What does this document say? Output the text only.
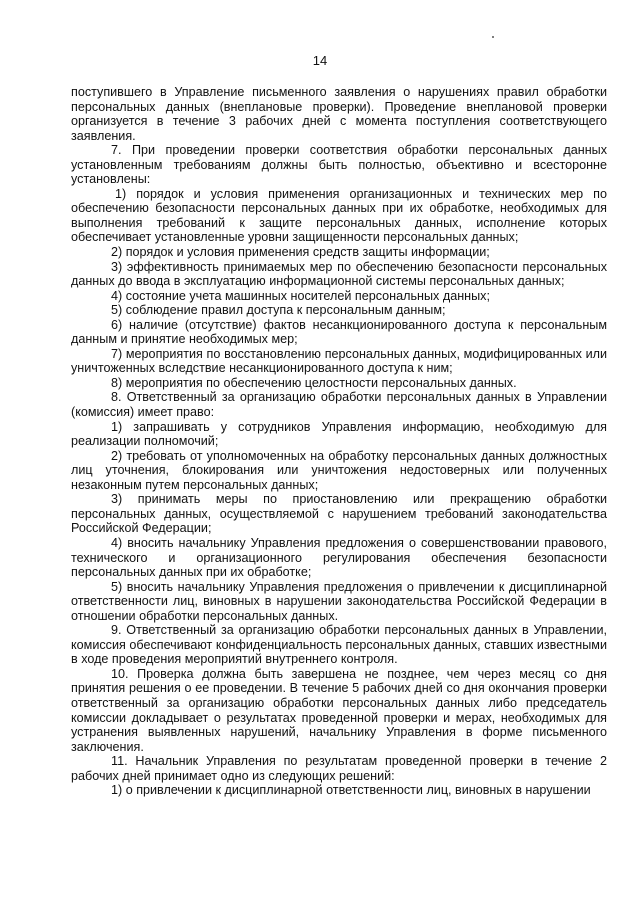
14

поступившего в Управление письменного заявления о нарушениях правил обработки персональных данных (внеплановые проверки). Проведение внеплановой проверки организуется в течение 3 рабочих дней с момента поступления соответствующего заявления.

7. При проведении проверки соответствия обработки персональных данных установленным требованиям должны быть полностью, объективно и всесторонне установлены:

1) порядок и условия применения организационных и технических мер по обеспечению безопасности персональных данных при их обработке, необходимых для выполнения требований к защите персональных данных, исполнение которых обеспечивает установленные уровни защищенности персональных данных;

2) порядок и условия применения средств защиты информации;

3) эффективность принимаемых мер по обеспечению безопасности персональных данных до ввода в эксплуатацию информационной системы персональных данных;

4) состояние учета машинных носителей персональных данных;

5) соблюдение правил доступа к персональным данным;

6) наличие (отсутствие) фактов несанкционированного доступа к персональным данным и принятие необходимых мер;

7) мероприятия по восстановлению персональных данных, модифицированных или уничтоженных вследствие несанкционированного доступа к ним;

8) мероприятия по обеспечению целостности персональных данных.

8. Ответственный за организацию обработки персональных данных в Управлении (комиссия) имеет право:

1) запрашивать у сотрудников Управления информацию, необходимую для реализации полномочий;

2) требовать от уполномоченных на обработку персональных данных должностных лиц уточнения, блокирования или уничтожения недостоверных или полученных незаконным путем персональных данных;

3) принимать меры по приостановлению или прекращению обработки персональных данных, осуществляемой с нарушением требований законодательства Российской Федерации;

4) вносить начальнику Управления предложения о совершенствовании правового, технического и организационного регулирования обеспечения безопасности персональных данных при их обработке;

5) вносить начальнику Управления предложения о привлечении к дисциплинарной ответственности лиц, виновных в нарушении законодательства Российской Федерации в отношении обработки персональных данных.

9. Ответственный за организацию обработки персональных данных в Управлении, комиссия обеспечивают конфиденциальность персональных данных, ставших известными в ходе проведения мероприятий внутреннего контроля.

10. Проверка должна быть завершена не позднее, чем через месяц со дня принятия решения о ее проведении. В течение 5 рабочих дней со дня окончания проверки ответственный за организацию обработки персональных данных либо председатель комиссии докладывает о результатах проведенной проверки и мерах, необходимых для устранения выявленных нарушений, начальнику Управления в форме письменного заключения.

11. Начальник Управления по результатам проведенной проверки в течение 2 рабочих дней принимает одно из следующих решений:

1) о привлечении к дисциплинарной ответственности лиц, виновных в нарушении
